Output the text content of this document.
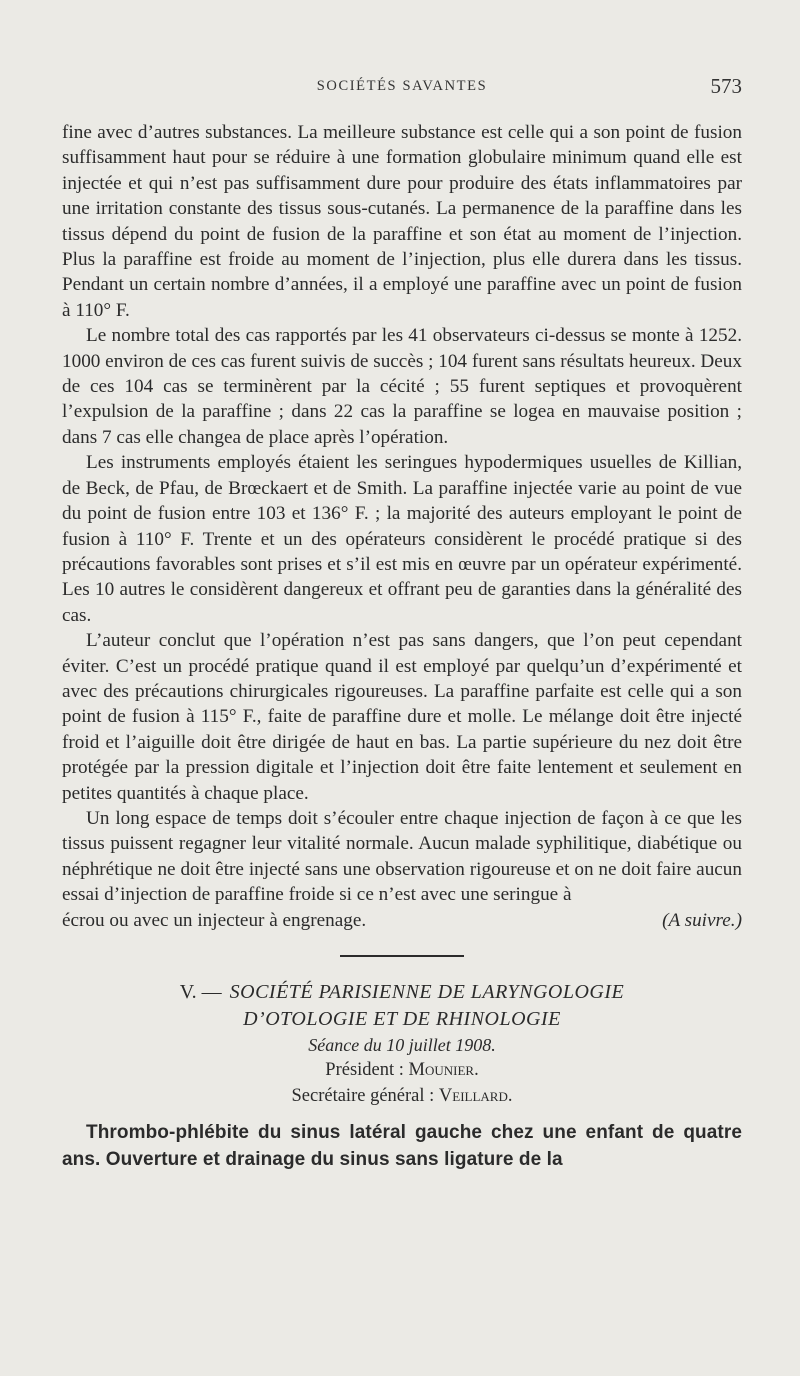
SOCIÉTÉS SAVANTES	573

fine avec d’autres substances. La meilleure substance est celle qui a son point de fusion suffisamment haut pour se réduire à une formation globulaire minimum quand elle est injectée et qui n’est pas suffisamment dure pour produire des états inflammatoires par une irritation constante des tissus sous-cutanés. La permanence de la paraffine dans les tissus dépend du point de fusion de la paraffine et son état au moment de l’injection. Plus la paraffine est froide au moment de l’injection, plus elle durera dans les tissus. Pendant un certain nombre d’années, il a employé une paraffine avec un point de fusion à 110° F.

Le nombre total des cas rapportés par les 41 observateurs ci-dessus se monte à 1252. 1000 environ de ces cas furent suivis de succès ; 104 furent sans résultats heureux. Deux de ces 104 cas se terminèrent par la cécité ; 55 furent septiques et provoquèrent l’expulsion de la paraffine ; dans 22 cas la paraffine se logea en mauvaise position ; dans 7 cas elle changea de place après l’opération.

Les instruments employés étaient les seringues hypodermiques usuelles de Killian, de Beck, de Pfau, de Brœckaert et de Smith. La paraffine injectée varie au point de vue du point de fusion entre 103 et 136° F. ; la majorité des auteurs employant le point de fusion à 110° F. Trente et un des opérateurs considèrent le procédé pratique si des précautions favorables sont prises et s’il est mis en œuvre par un opérateur expérimenté. Les 10 autres le considèrent dangereux et offrant peu de garanties dans la généralité des cas.

L’auteur conclut que l’opération n’est pas sans dangers, que l’on peut cependant éviter. C’est un procédé pratique quand il est employé par quelqu’un d’expérimenté et avec des précautions chirurgicales rigoureuses. La paraffine parfaite est celle qui a son point de fusion à 115° F., faite de paraffine dure et molle. Le mélange doit être injecté froid et l’aiguille doit être dirigée de haut en bas. La partie supérieure du nez doit être protégée par la pression digitale et l’injection doit être faite lentement et seulement en petites quantités à chaque place.

Un long espace de temps doit s’écouler entre chaque injection de façon à ce que les tissus puissent regagner leur vitalité normale. Aucun malade syphilitique, diabétique ou néphrétique ne doit être injecté sans une observation rigoureuse et on ne doit faire aucun essai d’injection de paraffine froide si ce n’est avec une seringue à

écrou ou avec un injecteur à engrenage.	(A suivre.)
V. — SOCIÉTÉ PARISIENNE DE LARYNGOLOGIE
D’OTOLOGIE ET DE RHINOLOGIE
Séance du 10 juillet 1908.
Président : Mounier.
Secrétaire général : Veillard.
Thrombo-phlébite du sinus latéral gauche chez une enfant de quatre ans. Ouverture et drainage du sinus sans ligature de la
